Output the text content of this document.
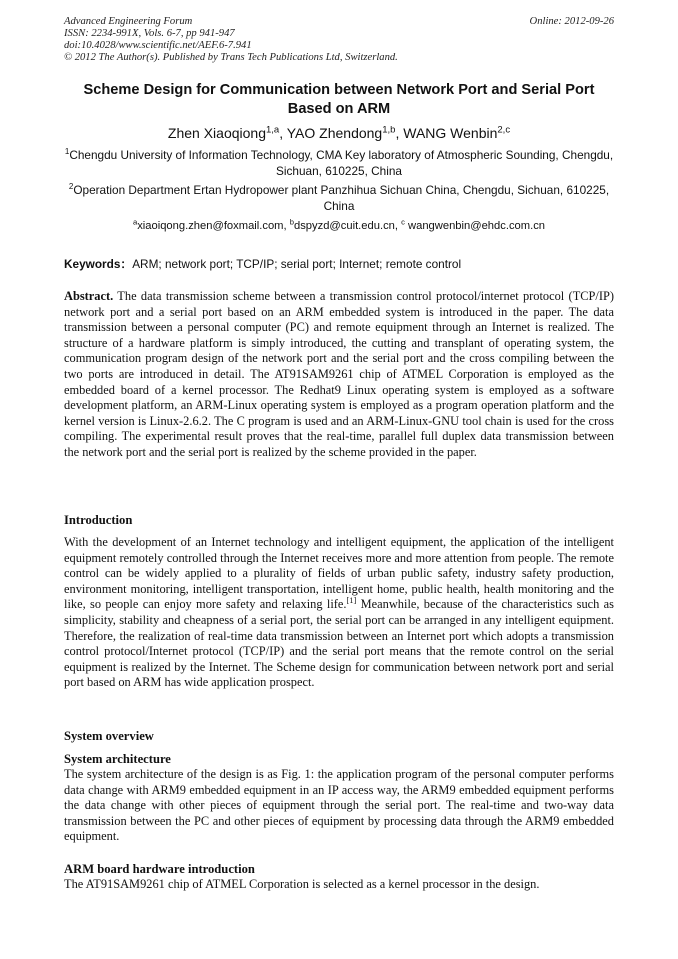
Advanced Engineering Forum
ISSN: 2234-991X, Vols. 6-7, pp 941-947
doi:10.4028/www.scientific.net/AEF.6-7.941
© 2012 The Author(s). Published by Trans Tech Publications Ltd, Switzerland.
Online: 2012-09-26
Scheme Design for Communication between Network Port and Serial Port Based on ARM
Zhen Xiaoqiong$^{1,a}$, YAO Zhendong$^{1,b}$, WANG Wenbin$^{2,c}$
$^1$Chengdu University of Information Technology, CMA Key laboratory of Atmospheric Sounding, Chengdu, Sichuan, 610225, China
$^2$Operation Department Ertan Hydropower plant Panzhihua Sichuan China, Chengdu, Sichuan, 610225, China
$^a$xiaoiqong.zhen@foxmail.com, $^b$dspyzd@cuit.edu.cn, $^c$ wangwenbin@ehdc.com.cn
Keywords：ARM; network port; TCP/IP; serial port; Internet; remote control
Abstract. The data transmission scheme between a transmission control protocol/internet protocol (TCP/IP) network port and a serial port based on an ARM embedded system is introduced in the paper. The data transmission between a personal computer (PC) and remote equipment through an Internet is realized. The structure of a hardware platform is simply introduced, the cutting and transplant of operating system, the communication program design of the network port and the serial port and the cross compiling between the two ports are introduced in detail. The AT91SAM9261 chip of ATMEL Corporation is employed as the embedded board of a kernel processor. The Redhat9 Linux operating system is employed as a software development platform, an ARM-Linux operating system is employed as a program operation platform and the kernel version is Linux-2.6.2. The C program is used and an ARM-Linux-GNU tool chain is used for the cross compiling. The experimental result proves that the real-time, parallel full duplex data transmission between the network port and the serial port is realized by the scheme provided in the paper.
Introduction
With the development of an Internet technology and intelligent equipment, the application of the intelligent equipment remotely controlled through the Internet receives more and more attention from people. The remote control can be widely applied to a plurality of fields of urban public safety, industry safety production, environment monitoring, intelligent transportation, intelligent home, public health, health monitoring and the like, so people can enjoy more safety and relaxing life.[1] Meanwhile, because of the characteristics such as simplicity, stability and cheapness of a serial port, the serial port can be arranged in any intelligent equipment. Therefore, the realization of real-time data transmission between an Internet port which adopts a transmission control protocol/Internet protocol (TCP/IP) and the serial port means that the remote control on the serial equipment is realized by the Internet. The Scheme design for communication between network port and serial port based on ARM has wide application prospect.
System overview
System architecture
The system architecture of the design is as Fig. 1: the application program of the personal computer performs data change with ARM9 embedded equipment in an IP access way, the ARM9 embedded equipment performs the data change with other pieces of equipment through the serial port. The real-time and two-way data transmission between the PC and other pieces of equipment by processing data through the ARM9 embedded equipment.
ARM board hardware introduction
The AT91SAM9261 chip of ATMEL Corporation is selected as a kernel processor in the design.
